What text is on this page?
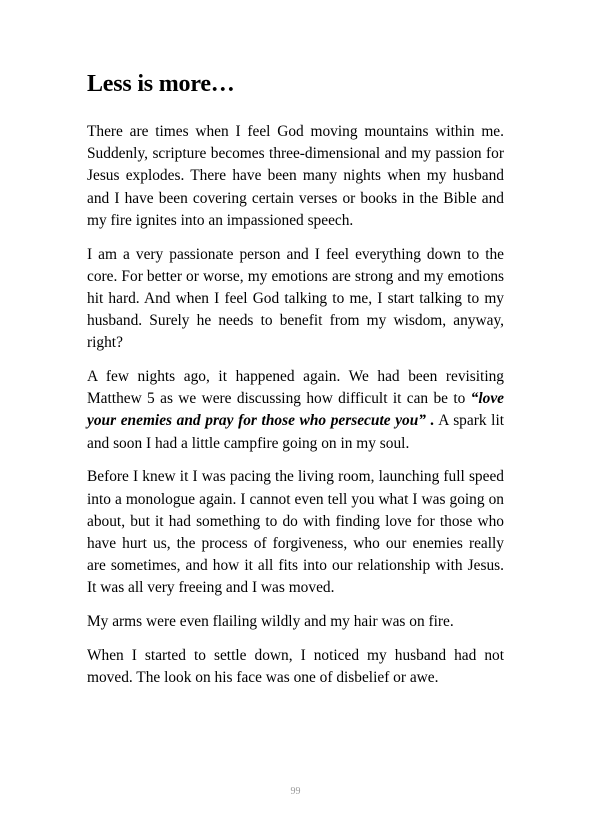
Less is more…

There are times when I feel God moving mountains within me. Suddenly, scripture becomes three-dimensional and my passion for Jesus explodes. There have been many nights when my husband and I have been covering certain verses or books in the Bible and my fire ignites into an impassioned speech.

I am a very passionate person and I feel everything down to the core. For better or worse, my emotions are strong and my emotions hit hard. And when I feel God talking to me, I start talking to my husband. Surely he needs to benefit from my wisdom, anyway, right?

A few nights ago, it happened again. We had been revisiting Matthew 5 as we were discussing how difficult it can be to “love your enemies and pray for those who persecute you” . A spark lit and soon I had a little campfire going on in my soul.

Before I knew it I was pacing the living room, launching full speed into a monologue again. I cannot even tell you what I was going on about, but it had something to do with finding love for those who have hurt us, the process of forgiveness, who our enemies really are sometimes, and how it all fits into our relationship with Jesus. It was all very freeing and I was moved.

My arms were even flailing wildly and my hair was on fire.

When I started to settle down, I noticed my husband had not moved. The look on his face was one of disbelief or awe.

99
